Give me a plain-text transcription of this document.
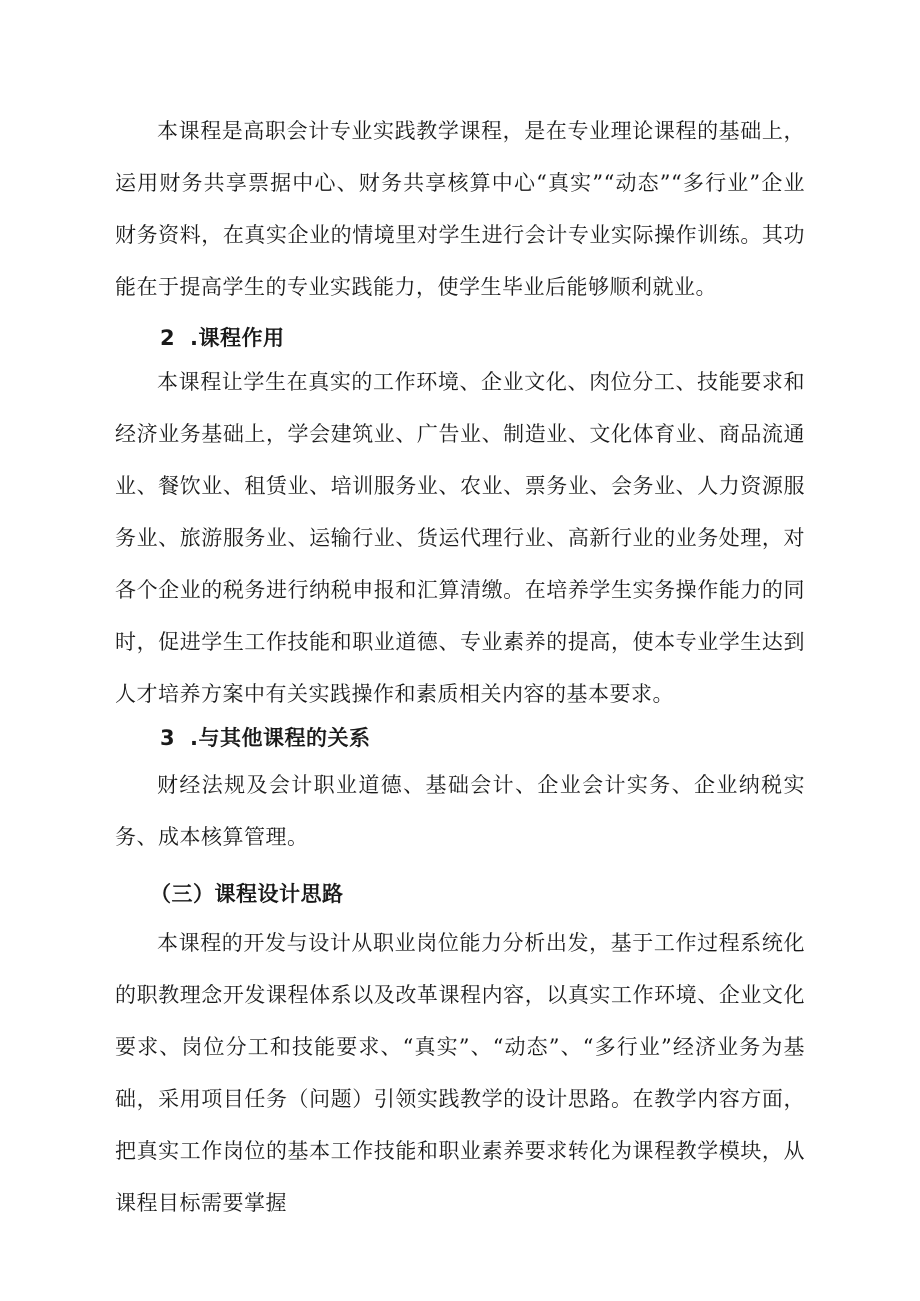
本课程是高职会计专业实践教学课程，是在专业理论课程的基础上，运用财务共享票据中心、财务共享核算中心“真实”“动态”“多行业”企业财务资料，在真实企业的情境里对学生进行会计专业实际操作训练。其功能在于提高学生的专业实践能力，使学生毕业后能够顺利就业。

2 .课程作用

本课程让学生在真实的工作环境、企业文化、肉位分工、技能要求和经济业务基础上，学会建筑业、广告业、制造业、文化体育业、商品流通业、餐饮业、租赁业、培训服务业、农业、票务业、会务业、人力资源服务业、旅游服务业、运输行业、货运代理行业、高新行业的业务处理，对各个企业的税务进行纳税申报和汇算清缴。在培养学生实务操作能力的同时，促进学生工作技能和职业道德、专业素养的提高，使本专业学生达到人才培养方案中有关实践操作和素质相关内容的基本要求。

3 .与其他课程的关系

财经法规及会计职业道德、基础会计、企业会计实务、企业纳税实务、成本核算管理。

（三）课程设计思路

本课程的开发与设计从职业岗位能力分析出发，基于工作过程系统化的职教理念开发课程体系以及改革课程内容，以真实工作环境、企业文化要求、岗位分工和技能要求、“真实”、“动态”、“多行业”经济业务为基础，采用项目任务（问题）引领实践教学的设计思路。在教学内容方面，把真实工作岗位的基本工作技能和职业素养要求转化为课程教学模块，从课程目标需要掌握
